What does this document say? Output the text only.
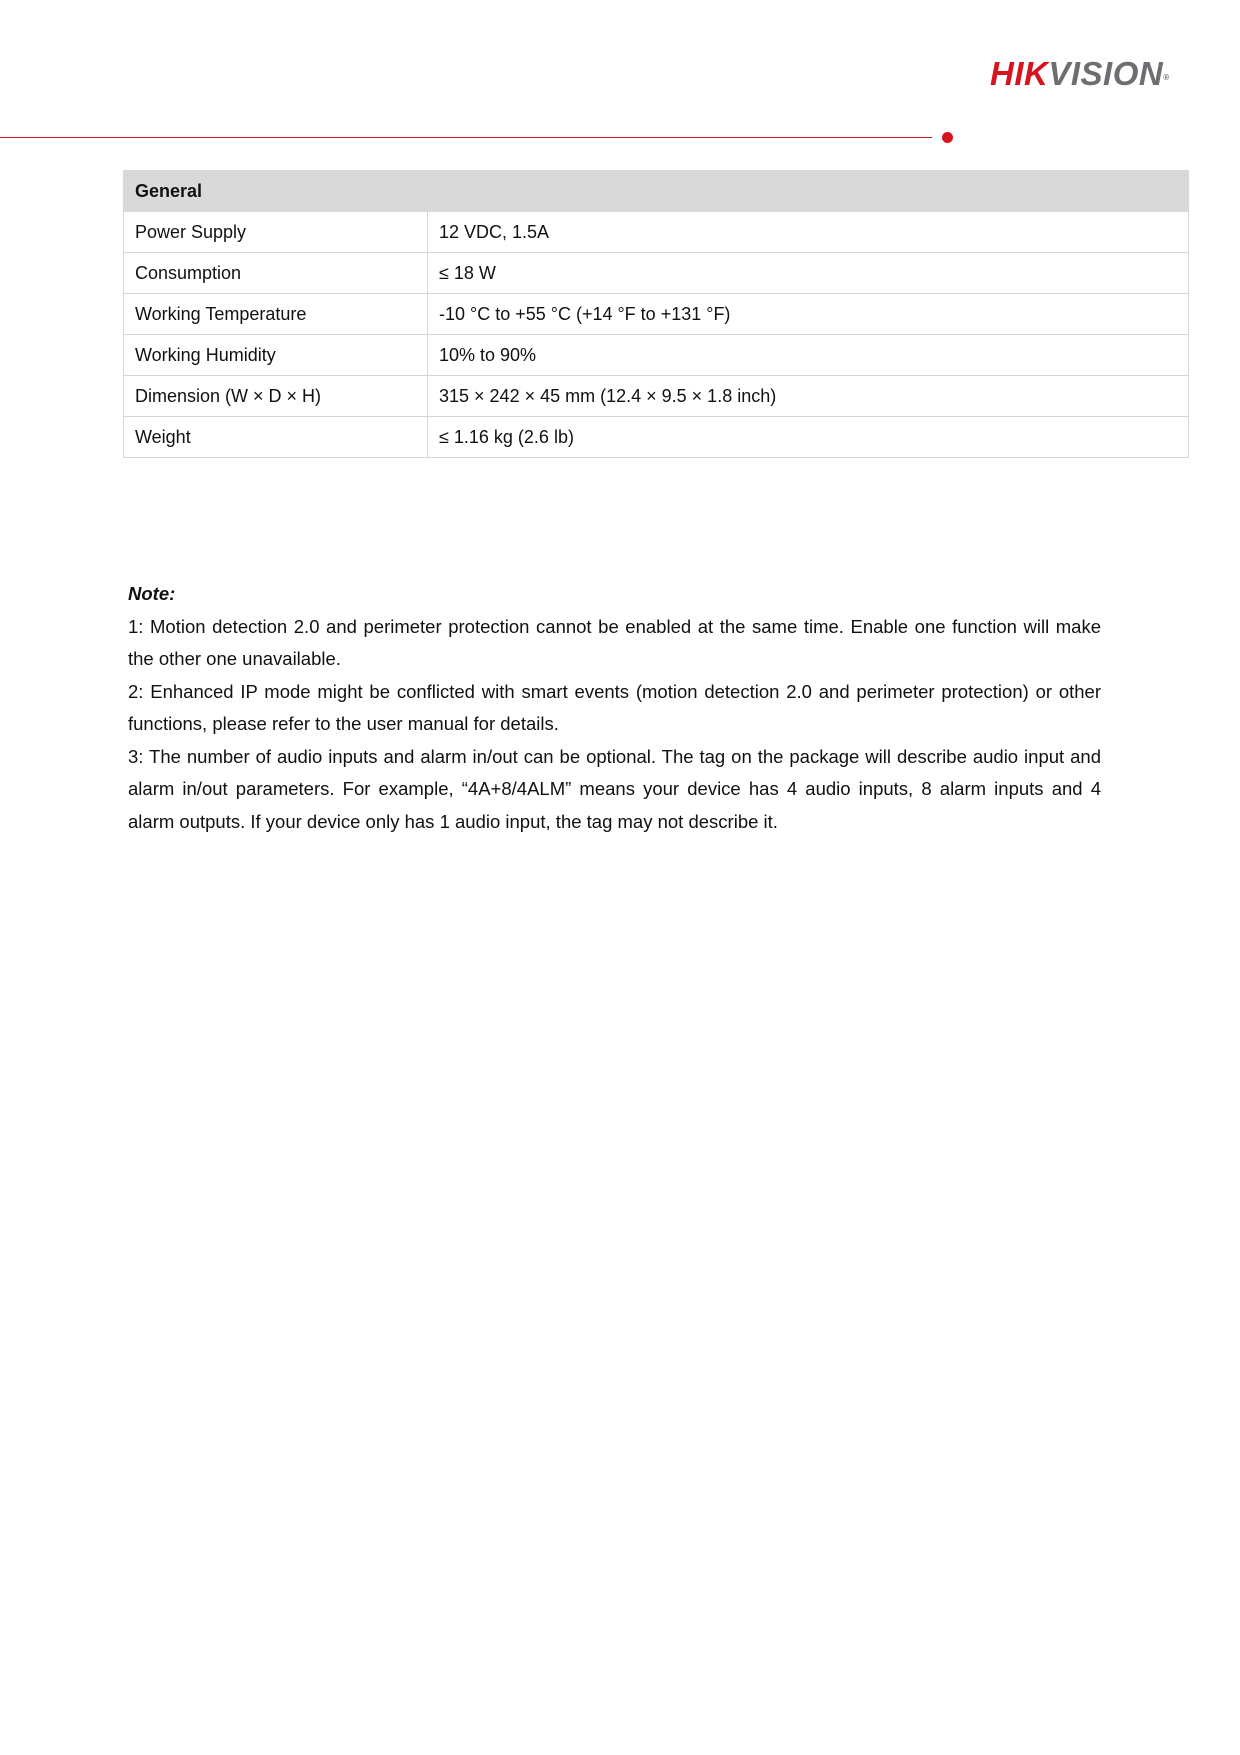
HIKVISION®
General	
Power Supply	12 VDC, 1.5A
Consumption	≤ 18 W
Working Temperature	-10 °C to +55 °C (+14 °F to +131 °F)
Working Humidity	10% to 90%
Dimension (W × D × H)	315 × 242 × 45 mm (12.4 × 9.5 × 1.8 inch)
Weight	≤ 1.16 kg (2.6 lb)

Note:

1: Motion detection 2.0 and perimeter protection cannot be enabled at the same time. Enable one function will make the other one unavailable.

2: Enhanced IP mode might be conflicted with smart events (motion detection 2.0 and perimeter protection) or other functions, please refer to the user manual for details.

3: The number of audio inputs and alarm in/out can be optional. The tag on the package will describe audio input and alarm in/out parameters. For example, “4A+8/4ALM” means your device has 4 audio inputs, 8 alarm inputs and 4 alarm outputs. If your device only has 1 audio input, the tag may not describe it.
